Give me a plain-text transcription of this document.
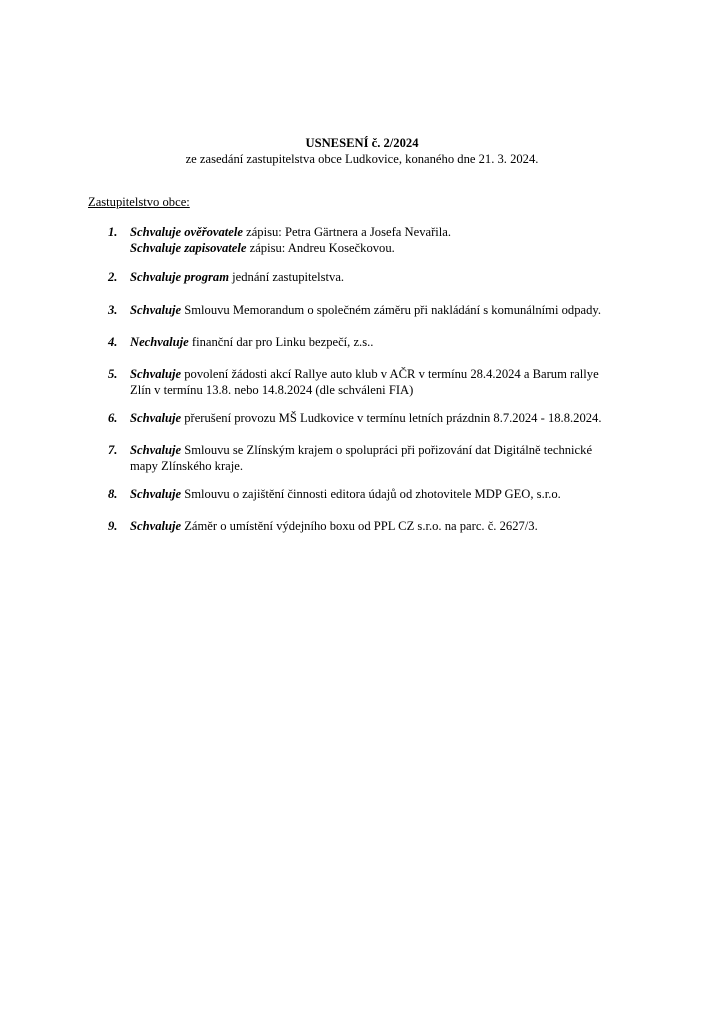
USNESENÍ č. 2/2024

ze zasedání zastupitelstva obce Ludkovice, konaného dne 21. 3. 2024.

Zastupitelstvo obce:

1. Schvaluje ověřovatele zápisu: Petra Gärtnera a Josefa Nevařila.
Schvaluje zapisovatele zápisu: Andreu Kosečkovou.
2. Schvaluje program jednání zastupitelstva.
3. Schvaluje Smlouvu Memorandum o společném záměru při nakládání s komunálními odpady.
4. Nechvaluje finanční dar pro Linku bezpečí, z.s..
5. Schvaluje povolení žádosti akcí Rallye auto klub v AČR v termínu 28.4.2024 a Barum rallye
Zlín v termínu 13.8. nebo 14.8.2024 (dle schváleni FIA)
6. Schvaluje přerušení provozu MŠ Ludkovice v termínu letních prázdnin 8.7.2024 - 18.8.2024.
7. Schvaluje Smlouvu se Zlínským krajem o spolupráci při pořizování dat Digitálně technické
mapy Zlínského kraje.
8. Schvaluje Smlouvu o zajištění činnosti editora údajů od zhotovitele MDP GEO, s.r.o.
9. Schvaluje Záměr o umístění výdejního boxu od PPL CZ s.r.o. na parc. č. 2627/3.
